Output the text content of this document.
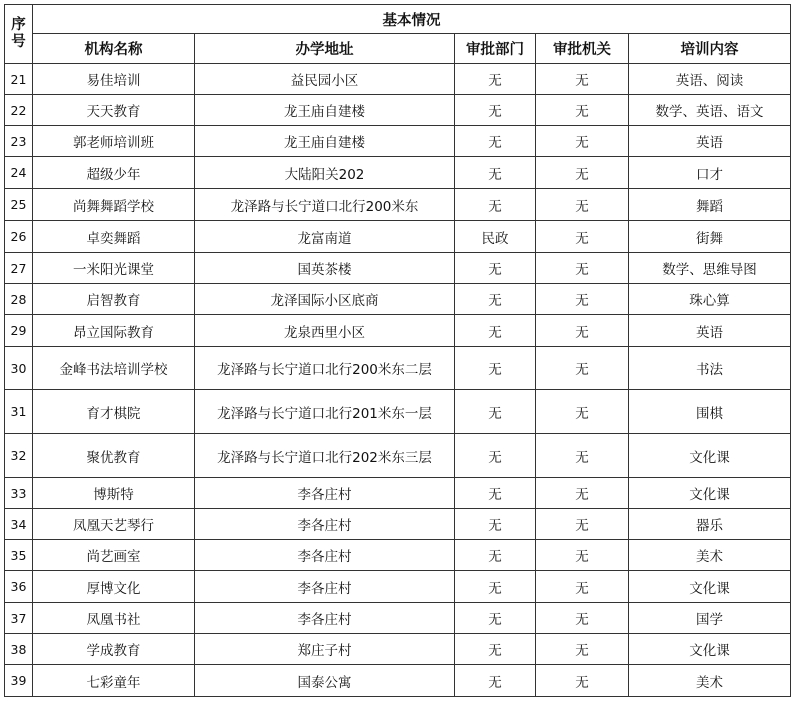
序号	基本情况				
	机构名称	办学地址	审批部门	审批机关	培训内容
21	易佳培训	益民园小区	无	无	英语、阅读
22	天天教育	龙王庙自建楼	无	无	数学、英语、语文
23	郭老师培训班	龙王庙自建楼	无	无	英语
24	超级少年	大陆阳关202	无	无	口才
25	尚舞舞蹈学校	龙泽路与长宁道口北行200米东	无	无	舞蹈
26	卓奕舞蹈	龙富南道	民政	无	街舞
27	一米阳光课堂	国英茶楼	无	无	数学、思维导图
28	启智教育	龙泽国际小区底商	无	无	珠心算
29	昂立国际教育	龙泉西里小区	无	无	英语
30	金峰书法培训学校	龙泽路与长宁道口北行200米东二层	无	无	书法
31	育才棋院	龙泽路与长宁道口北行201米东一层	无	无	围棋
32	聚优教育	龙泽路与长宁道口北行202米东三层	无	无	文化课
33	博斯特	李各庄村	无	无	文化课
34	凤凰天艺琴行	李各庄村	无	无	器乐
35	尚艺画室	李各庄村	无	无	美术
36	厚博文化	李各庄村	无	无	文化课
37	凤凰书社	李各庄村	无	无	国学
38	学成教育	郑庄子村	无	无	文化课
39	七彩童年	国泰公寓	无	无	美术
